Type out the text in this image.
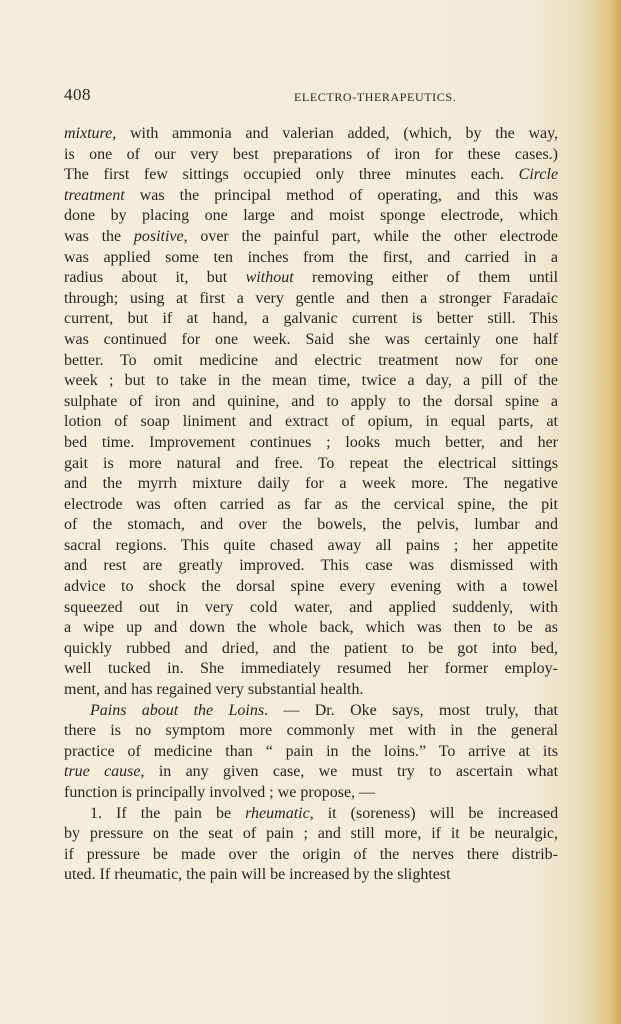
408	ELECTRO-THERAPEUTICS.
mixture, with ammonia and valerian added, (which, by the way,
is one of our very best preparations of iron for these cases.)
The first few sittings occupied only three minutes each. Circle
treatment was the principal method of operating, and this was
done by placing one large and moist sponge electrode, which
was the positive, over the painful part, while the other electrode
was applied some ten inches from the first, and carried in a
radius about it, but without removing either of them until
through; using at first a very gentle and then a stronger Faradaic
current, but if at hand, a galvanic current is better still. This
was continued for one week. Said she was certainly one half
better. To omit medicine and electric treatment now for one
week ; but to take in the mean time, twice a day, a pill of the
sulphate of iron and quinine, and to apply to the dorsal spine a
lotion of soap liniment and extract of opium, in equal parts, at
bed time. Improvement continues ; looks much better, and her
gait is more natural and free. To repeat the electrical sittings
and the myrrh mixture daily for a week more. The negative
electrode was often carried as far as the cervical spine, the pit
of the stomach, and over the bowels, the pelvis, lumbar and
sacral regions. This quite chased away all pains ; her appetite
and rest are greatly improved. This case was dismissed with
advice to shock the dorsal spine every evening with a towel
squeezed out in very cold water, and applied suddenly, with
a wipe up and down the whole back, which was then to be as
quickly rubbed and dried, and the patient to be got into bed,
well tucked in. She immediately resumed her former employ-
ment, and has regained very substantial health.
Pains about the Loins. — Dr. Oke says, most truly, that
there is no symptom more commonly met with in the general
practice of medicine than “ pain in the loins.” To arrive at its
true cause, in any given case, we must try to ascertain what
function is principally involved ; we propose, —
1. If the pain be rheumatic, it (soreness) will be increased
by pressure on the seat of pain ; and still more, if it be neuralgic,
if pressure be made over the origin of the nerves there distrib-
uted. If rheumatic, the pain will be increased by the slightest
